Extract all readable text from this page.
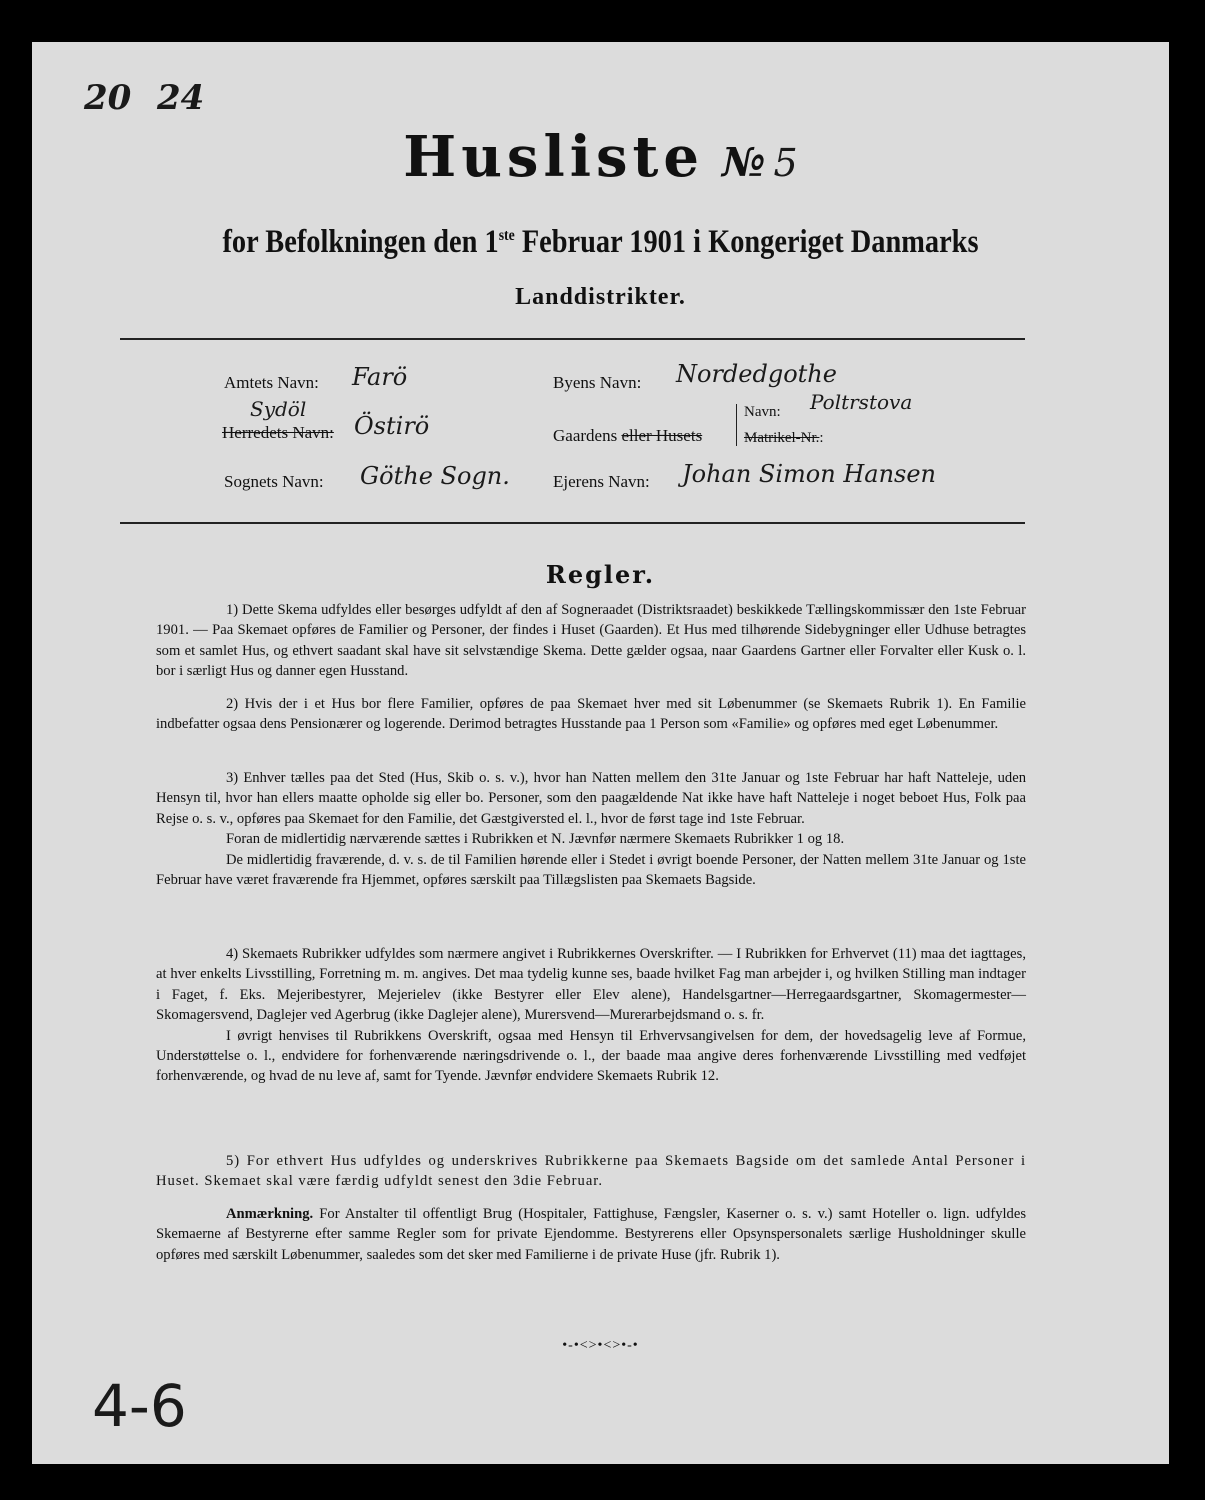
20 24
Husliste № 5
for Befolkningen den 1ste Februar 1901 i Kongeriget Danmarks
Landdistrikter.
Amtets Navn: Farö
Sydöl
Herredets Navn: Östirö
Sognets Navn: Göthe Sogn.
Byens Navn: Nordedgothe
Gaardens eller Husets
Navn: Poltrstova
Matrikel-Nr.:
Ejerens Navn: Johan Simon Hansen
Regler.

1) Dette Skema udfyldes eller besørges udfyldt af den af Sogneraadet (Distriktsraadet) beskikkede Tællingskommissær den 1ste Februar 1901. — Paa Skemaet opføres de Familier og Personer, der findes i Huset (Gaarden). Et Hus med tilhørende Sidebygninger eller Udhuse betragtes som et samlet Hus, og ethvert saadant skal have sit selvstændige Skema. Dette gælder ogsaa, naar Gaardens Gartner eller Forvalter eller Kusk o. l. bor i særligt Hus og danner egen Husstand.

2) Hvis der i et Hus bor flere Familier, opføres de paa Skemaet hver med sit Løbenummer (se Skemaets Rubrik 1). En Familie indbefatter ogsaa dens Pensionærer og logerende. Derimod betragtes Husstande paa 1 Person som «Familie» og opføres med eget Løbenummer.

3) Enhver tælles paa det Sted (Hus, Skib o. s. v.), hvor han Natten mellem den 31te Januar og 1ste Februar har haft Natteleje, uden Hensyn til, hvor han ellers maatte opholde sig eller bo. Personer, som den paagældende Nat ikke have haft Natteleje i noget beboet Hus, Folk paa Rejse o. s. v., opføres paa Skemaet for den Familie, det Gæstgiversted el. l., hvor de først tage ind 1ste Februar.

Foran de midlertidig nærværende sættes i Rubrikken et N. Jævnfør nærmere Skemaets Rubrikker 1 og 18.

De midlertidig fraværende, d. v. s. de til Familien hørende eller i Stedet i øvrigt boende Personer, der Natten mellem 31te Januar og 1ste Februar have været fraværende fra Hjemmet, opføres særskilt paa Tillægslisten paa Skemaets Bagside.

4) Skemaets Rubrikker udfyldes som nærmere angivet i Rubrikkernes Overskrifter. — I Rubrikken for Erhvervet (11) maa det iagttages, at hver enkelts Livsstilling, Forretning m. m. angives. Det maa tydelig kunne ses, baade hvilket Fag man arbejder i, og hvilken Stilling man indtager i Faget, f. Eks. Mejeribestyrer, Mejerielev (ikke Bestyrer eller Elev alene), Handelsgartner—Herregaardsgartner, Skomagermester—Skomagersvend, Daglejer ved Agerbrug (ikke Daglejer alene), Murersvend—Murerarbejdsmand o. s. fr.

I øvrigt henvises til Rubrikkens Overskrift, ogsaa med Hensyn til Erhvervsangivelsen for dem, der hovedsagelig leve af Formue, Understøttelse o. l., endvidere for forhenværende næringsdrivende o. l., der baade maa angive deres forhenværende Livsstilling med vedføjet forhenværende, og hvad de nu leve af, samt for Tyende. Jævnfør endvidere Skemaets Rubrik 12.

5) For ethvert Hus udfyldes og underskrives Rubrikkerne paa Skemaets Bagside om det samlede Antal Personer i Huset. Skemaet skal være færdig udfyldt senest den 3die Februar.

Anmærkning. For Anstalter til offentligt Brug (Hospitaler, Fattighuse, Fængsler, Kaserner o. s. v.) samt Hoteller o. lign. udfyldes Skemaerne af Bestyrerne efter samme Regler som for private Ejendomme. Bestyrerens eller Opsynspersonalets særlige Husholdninger skulle opføres med særskilt Løbenummer, saaledes som det sker med Familierne i de private Huse (jfr. Rubrik 1).

•-•<>•<>•-•
4-6
